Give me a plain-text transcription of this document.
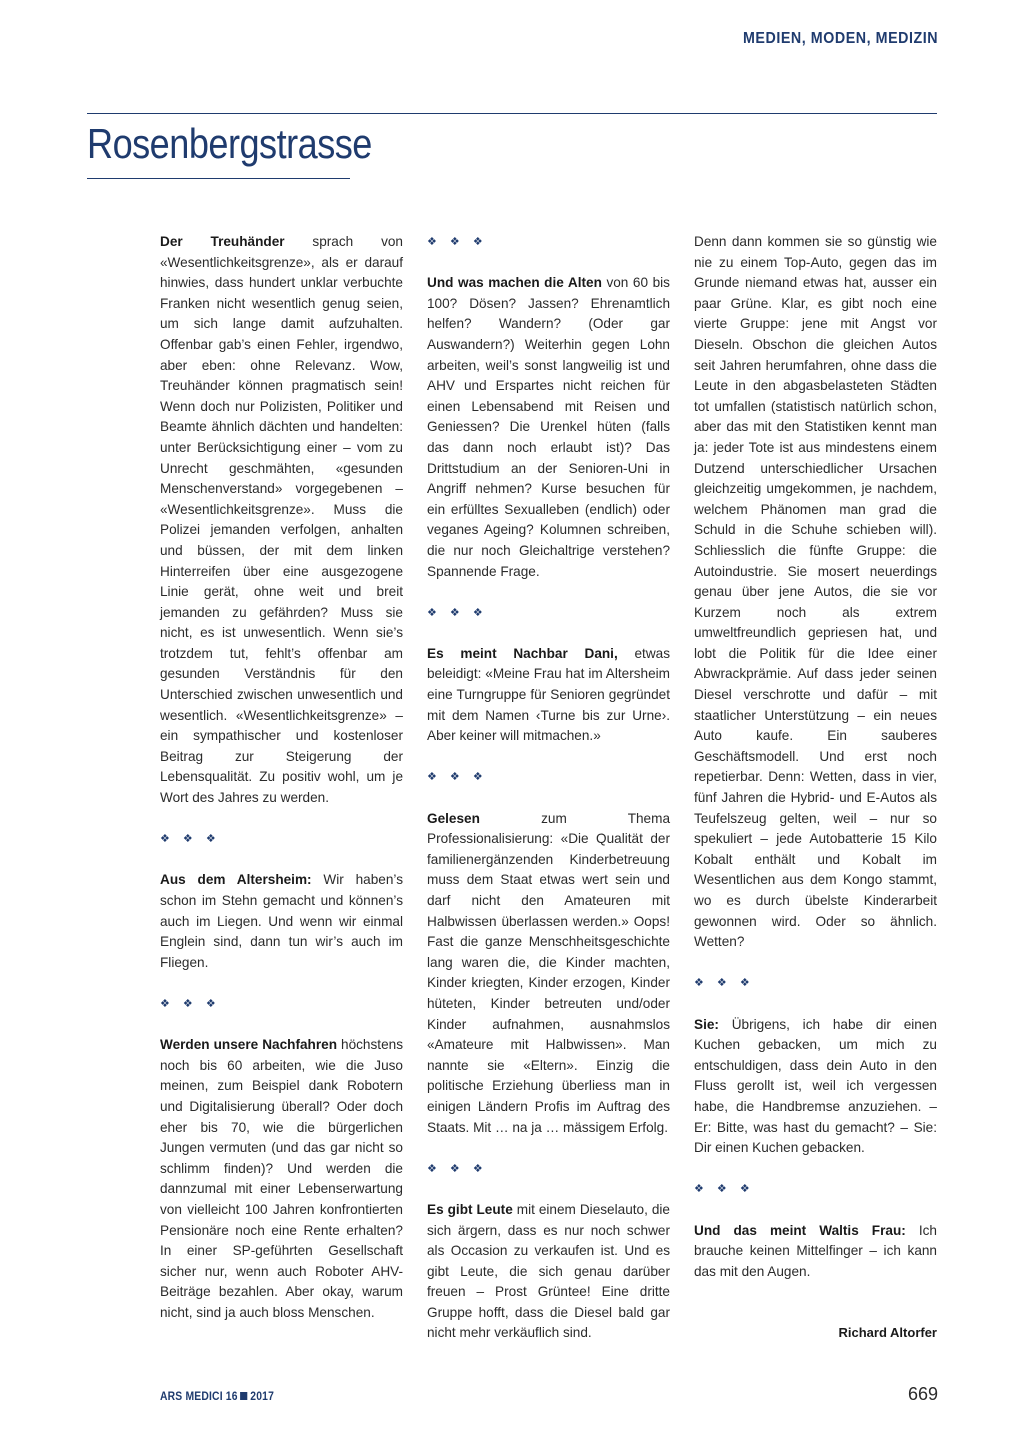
MEDIEN, MODEN, MEDIZIN
Rosenbergstrasse

Der Treuhänder sprach von «Wesentlichkeitsgrenze», als er darauf hinwies, dass hundert unklar verbuchte Franken nicht wesentlich genug seien, um sich lange damit aufzuhalten. Offenbar gab’s einen Fehler, irgendwo, aber eben: ohne Relevanz. Wow, Treuhänder können pragmatisch sein! Wenn doch nur Polizisten, Politiker und Beamte ähnlich dächten und handelten: unter Berücksichtigung einer – vom zu Unrecht geschmähten, «gesunden Menschenverstand» vorgegebenen – «Wesentlichkeitsgrenze». Muss die Polizei jemanden verfolgen, anhalten und büssen, der mit dem linken Hinterreifen über eine ausgezogene Linie gerät, ohne weit und breit jemanden zu gefährden? Muss sie nicht, es ist unwesentlich. Wenn sie’s trotzdem tut, fehlt’s offenbar am gesunden Verständnis für den Unterschied zwischen unwesentlich und wesentlich. «Wesentlichkeitsgrenze» – ein sympathischer und kostenloser Beitrag zur Steigerung der Lebensqualität. Zu positiv wohl, um je Wort des Jahres zu werden.

❖ ❖ ❖

Aus dem Altersheim: Wir haben’s schon im Stehn gemacht und können’s auch im Liegen. Und wenn wir einmal Englein sind, dann tun wir’s auch im Fliegen.

❖ ❖ ❖

Werden unsere Nachfahren höchstens noch bis 60 arbeiten, wie die Juso meinen, zum Beispiel dank Robotern und Digitalisierung überall? Oder doch eher bis 70, wie die bürgerlichen Jungen vermuten (und das gar nicht so schlimm finden)? Und werden die dannzumal mit einer Lebenserwartung von vielleicht 100 Jahren konfrontierten Pensionäre noch eine Rente erhalten? In einer SP-geführten Gesellschaft sicher nur, wenn auch Roboter AHV-Beiträge bezahlen. Aber okay, warum nicht, sind ja auch bloss Menschen.

❖ ❖ ❖

Und was machen die Alten von 60 bis 100? Dösen? Jassen? Ehrenamtlich helfen? Wandern? (Oder gar Auswandern?) Weiterhin gegen Lohn arbeiten, weil’s sonst langweilig ist und AHV und Erspartes nicht reichen für einen Lebensabend mit Reisen und Geniessen? Die Urenkel hüten (falls das dann noch erlaubt ist)? Das Drittstudium an der Senioren-Uni in Angriff nehmen? Kurse besuchen für ein erfülltes Sexualleben (endlich) oder veganes Ageing? Kolumnen schreiben, die nur noch Gleichaltrige verstehen? Spannende Frage.

❖ ❖ ❖

Es meint Nachbar Dani, etwas beleidigt: «Meine Frau hat im Altersheim eine Turngruppe für Senioren gegründet mit dem Namen ‹Turne bis zur Urne›. Aber keiner will mitmachen.»

❖ ❖ ❖

Gelesen zum Thema Professionalisierung: «Die Qualität der familienergänzenden Kinderbetreuung muss dem Staat etwas wert sein und darf nicht den Amateuren mit Halbwissen überlassen werden.» Oops! Fast die ganze Menschheitsgeschichte lang waren die, die Kinder machten, Kinder kriegten, Kinder erzogen, Kinder hüteten, Kinder betreuten und/oder Kinder aufnahmen, ausnahmslos «Amateure mit Halbwissen». Man nannte sie «Eltern». Einzig die politische Erziehung überliess man in einigen Ländern Profis im Auftrag des Staats. Mit … na ja … mässigem Erfolg.

❖ ❖ ❖

Es gibt Leute mit einem Dieselauto, die sich ärgern, dass es nur noch schwer als Occasion zu verkaufen ist. Und es gibt Leute, die sich genau darüber freuen – Prost Grüntee! Eine dritte Gruppe hofft, dass die Diesel bald gar nicht mehr verkäuflich sind.

Denn dann kommen sie so günstig wie nie zu einem Top-Auto, gegen das im Grunde niemand etwas hat, ausser ein paar Grüne. Klar, es gibt noch eine vierte Gruppe: jene mit Angst vor Dieseln. Obschon die gleichen Autos seit Jahren herumfahren, ohne dass die Leute in den abgasbelasteten Städten tot umfallen (statistisch natürlich schon, aber das mit den Statistiken kennt man ja: jeder Tote ist aus mindestens einem Dutzend unterschiedlicher Ursachen gleichzeitig umgekommen, je nachdem, welchem Phänomen man grad die Schuld in die Schuhe schieben will). Schliesslich die fünfte Gruppe: die Autoindustrie. Sie mosert neuerdings genau über jene Autos, die sie vor Kurzem noch als extrem umweltfreundlich gepriesen hat, und lobt die Politik für die Idee einer Abwrackprämie. Auf dass jeder seinen Diesel verschrotte und dafür – mit staatlicher Unterstützung – ein neues Auto kaufe. Ein sauberes Geschäftsmodell. Und erst noch repetierbar. Denn: Wetten, dass in vier, fünf Jahren die Hybrid- und E-Autos als Teufelszeug gelten, weil – nur so spekuliert – jede Autobatterie 15 Kilo Kobalt enthält und Kobalt im Wesentlichen aus dem Kongo stammt, wo es durch übelste Kinderarbeit gewonnen wird. Oder so ähnlich. Wetten?

❖ ❖ ❖

Sie: Übrigens, ich habe dir einen Kuchen gebacken, um mich zu entschuldigen, dass dein Auto in den Fluss gerollt ist, weil ich vergessen habe, die Handbremse anzuziehen. – Er: Bitte, was hast du gemacht? – Sie: Dir einen Kuchen gebacken.

❖ ❖ ❖

Und das meint Waltis Frau: Ich brauche keinen Mittelfinger – ich kann das mit den Augen.

Richard Altorfer
ARS MEDICI 16 2017	669
